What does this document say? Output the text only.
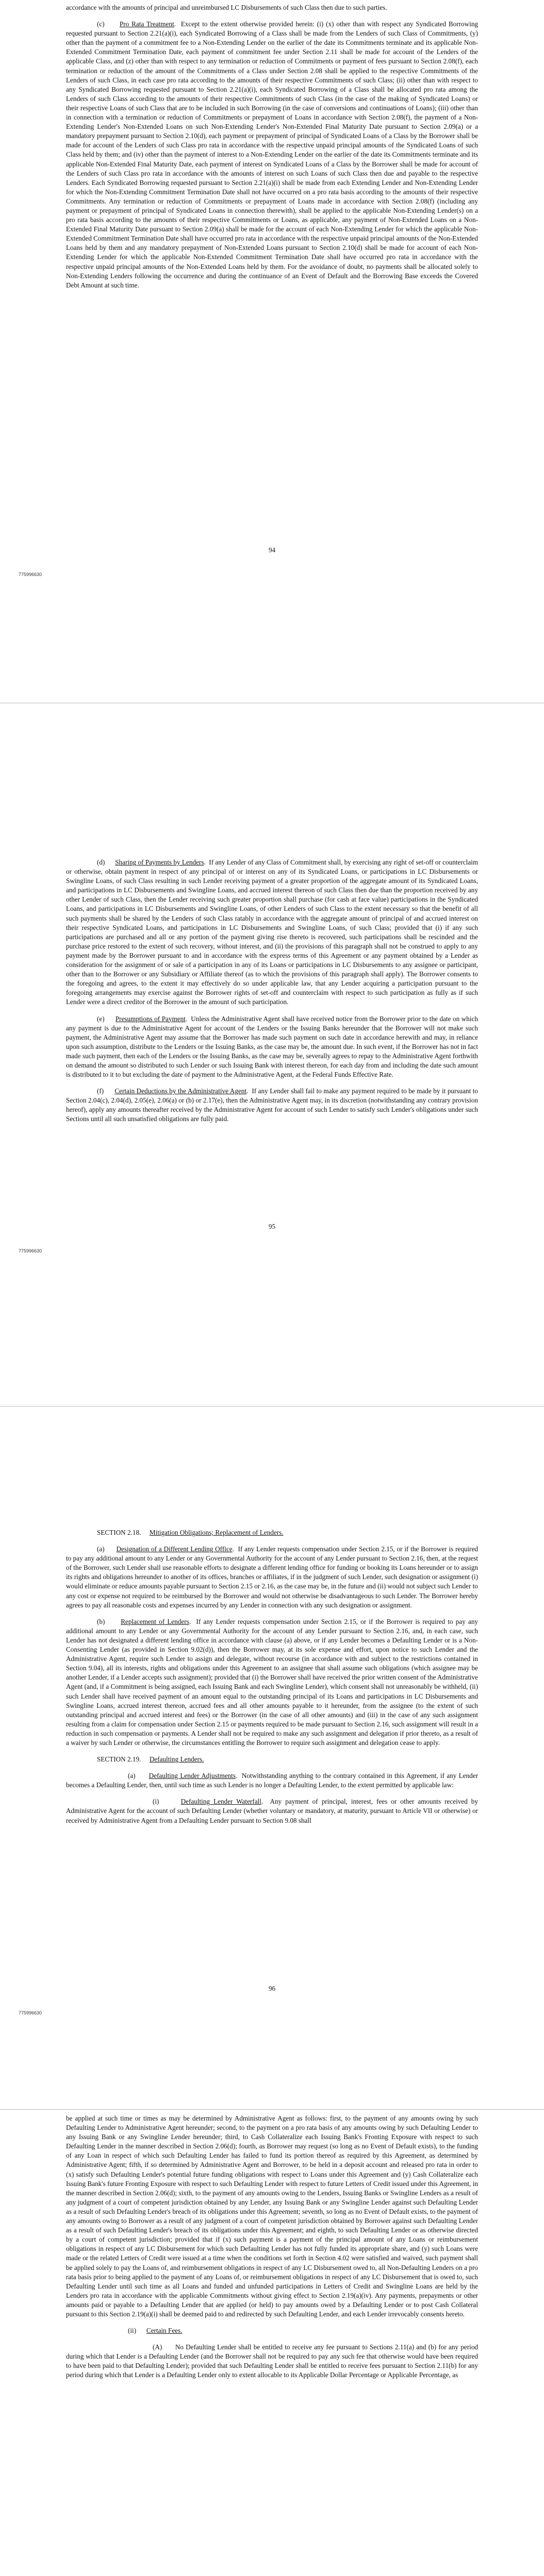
accordance with the amounts of principal and unreimbursed LC Disbursements of such Class then due to such parties.

(c) Pro Rata Treatment.  Except to the extent otherwise provided herein: (i) (x) other than with respect any Syndicated Borrowing requested pursuant to Section 2.21(a)(i), each Syndicated Borrowing of a Class shall be made from the Lenders of such Class of Commitments, (y) other than the payment of a commitment fee to a Non-Extending Lender on the earlier of the date its Commitments terminate and its applicable Non-Extended Commitment Termination Date, each payment of commitment fee under Section 2.11 shall be made for account of the Lenders of the applicable Class, and (z) other than with respect to any termination or reduction of Commitments or payment of fees pursuant to Section 2.08(f), each termination or reduction of the amount of the Commitments of a Class under Section 2.08 shall be applied to the respective Commitments of the Lenders of such Class, in each case pro rata according to the amounts of their respective Commitments of such Class; (ii) other than with respect to any Syndicated Borrowing requested pursuant to Section 2.21(a)(i), each Syndicated Borrowing of a Class shall be allocated pro rata among the Lenders of such Class according to the amounts of their respective Commitments of such Class (in the case of the making of Syndicated Loans) or their respective Loans of such Class that are to be included in such Borrowing (in the case of conversions and continuations of Loans); (iii) other than in connection with a termination or reduction of Commitments or prepayment of Loans in accordance with Section 2.08(f), the payment of a Non-Extending Lender's Non-Extended Loans on such Non-Extending Lender's Non-Extended Final Maturity Date pursuant to Section 2.09(a) or a mandatory prepayment pursuant to Section 2.10(d), each payment or prepayment of principal of Syndicated Loans of a Class by the Borrower shall be made for account of the Lenders of such Class pro rata in accordance with the respective unpaid principal amounts of the Syndicated Loans of such Class held by them; and (iv) other than the payment of interest to a Non-Extending Lender on the earlier of the date its Commitments terminate and its applicable Non-Extended Final Maturity Date, each payment of interest on Syndicated Loans of a Class by the Borrower shall be made for account of the Lenders of such Class pro rata in accordance with the amounts of interest on such Loans of such Class then due and payable to the respective Lenders. Each Syndicated Borrowing requested pursuant to Section 2.21(a)(i) shall be made from each Extending Lender and Non-Extending Lender for which the Non-Extending Commitment Termination Date shall not have occurred on a pro rata basis according to the amounts of their respective Commitments. Any termination or reduction of Commitments or prepayment of Loans made in accordance with Section 2.08(f) (including any payment or prepayment of principal of Syndicated Loans in connection therewith), shall be applied to the applicable Non-Extending Lender(s) on a pro rata basis according to the amounts of their respective Commitments or Loans, as applicable, any payment of Non-Extended Loans on a Non-Extended Final Maturity Date pursuant to Section 2.09(a) shall be made for the account of each Non-Extending Lender for which the applicable Non-Extended Commitment Termination Date shall have occurred pro rata in accordance with the respective unpaid principal amounts of the Non-Extended Loans held by them and any mandatory prepayment of Non-Extended Loans pursuant to Section 2.10(d) shall be made for account of each Non-Extending Lender for which the applicable Non-Extended Commitment Termination Date shall have occurred pro rata in accordance with the respective unpaid principal amounts of the Non-Extended Loans held by them. For the avoidance of doubt, no payments shall be allocated solely to Non-Extending Lenders following the occurrence and during the continuance of an Event of Default and the Borrowing Base exceeds the Covered Debt Amount at such time.

94
775996630

(d) Sharing of Payments by Lenders.  If any Lender of any Class of Commitment shall, by exercising any right of set-off or counterclaim or otherwise, obtain payment in respect of any principal of or interest on any of its Syndicated Loans, or participations in LC Disbursements or Swingline Loans, of such Class resulting in such Lender receiving payment of a greater proportion of the aggregate amount of its Syndicated Loans, and participations in LC Disbursements and Swingline Loans, and accrued interest thereon of such Class then due than the proportion received by any other Lender of such Class, then the Lender receiving such greater proportion shall purchase (for cash at face value) participations in the Syndicated Loans, and participations in LC Disbursements and Swingline Loans, of other Lenders of such Class to the extent necessary so that the benefit of all such payments shall be shared by the Lenders of such Class ratably in accordance with the aggregate amount of principal of and accrued interest on their respective Syndicated Loans, and participations in LC Disbursements and Swingline Loans, of such Class; provided that (i) if any such participations are purchased and all or any portion of the payment giving rise thereto is recovered, such participations shall be rescinded and the purchase price restored to the extent of such recovery, without interest, and (ii) the provisions of this paragraph shall not be construed to apply to any payment made by the Borrower pursuant to and in accordance with the express terms of this Agreement or any payment obtained by a Lender as consideration for the assignment of or sale of a participation in any of its Loans or participations in LC Disbursements to any assignee or participant, other than to the Borrower or any Subsidiary or Affiliate thereof (as to which the provisions of this paragraph shall apply). The Borrower consents to the foregoing and agrees, to the extent it may effectively do so under applicable law, that any Lender acquiring a participation pursuant to the foregoing arrangements may exercise against the Borrower rights of set-off and counterclaim with respect to such participation as fully as if such Lender were a direct creditor of the Borrower in the amount of such participation.

(e) Presumptions of Payment.  Unless the Administrative Agent shall have received notice from the Borrower prior to the date on which any payment is due to the Administrative Agent for account of the Lenders or the Issuing Banks hereunder that the Borrower will not make such payment, the Administrative Agent may assume that the Borrower has made such payment on such date in accordance herewith and may, in reliance upon such assumption, distribute to the Lenders or the Issuing Banks, as the case may be, the amount due. In such event, if the Borrower has not in fact made such payment, then each of the Lenders or the Issuing Banks, as the case may be, severally agrees to repay to the Administrative Agent forthwith on demand the amount so distributed to such Lender or such Issuing Bank with interest thereon, for each day from and including the date such amount is distributed to it to but excluding the date of payment to the Administrative Agent, at the Federal Funds Effective Rate.

(f) Certain Deductions by the Administrative Agent.  If any Lender shall fail to make any payment required to be made by it pursuant to Section 2.04(c), 2.04(d), 2.05(e), 2.06(a) or (b) or 2.17(e), then the Administrative Agent may, in its discretion (notwithstanding any contrary provision hereof), apply any amounts thereafter received by the Administrative Agent for account of such Lender to satisfy such Lender's obligations under such Sections until all such unsatisfied obligations are fully paid.

95
775996630

SECTION 2.18. Mitigation Obligations; Replacement of Lenders.

(a) Designation of a Different Lending Office.  If any Lender requests compensation under Section 2.15, or if the Borrower is required to pay any additional amount to any Lender or any Governmental Authority for the account of any Lender pursuant to Section 2.16, then, at the request of the Borrower, such Lender shall use reasonable efforts to designate a different lending office for funding or booking its Loans hereunder or to assign its rights and obligations hereunder to another of its offices, branches or affiliates, if in the judgment of such Lender, such designation or assignment (i) would eliminate or reduce amounts payable pursuant to Section 2.15 or 2.16, as the case may be, in the future and (ii) would not subject such Lender to any cost or expense not required to be reimbursed by the Borrower and would not otherwise be disadvantageous to such Lender. The Borrower hereby agrees to pay all reasonable costs and expenses incurred by any Lender in connection with any such designation or assignment.

(b) Replacement of Lenders.  If any Lender requests compensation under Section 2.15, or if the Borrower is required to pay any additional amount to any Lender or any Governmental Authority for the account of any Lender pursuant to Section 2.16, and, in each case, such Lender has not designated a different lending office in accordance with clause (a) above, or if any Lender becomes a Defaulting Lender or is a Non-Consenting Lender (as provided in Section 9.02(d)), then the Borrower may, at its sole expense and effort, upon notice to such Lender and the Administrative Agent, require such Lender to assign and delegate, without recourse (in accordance with and subject to the restrictions contained in Section 9.04), all its interests, rights and obligations under this Agreement to an assignee that shall assume such obligations (which assignee may be another Lender, if a Lender accepts such assignment); provided that (i) the Borrower shall have received the prior written consent of the Administrative Agent (and, if a Commitment is being assigned, each Issuing Bank and each Swingline Lender), which consent shall not unreasonably be withheld, (ii) such Lender shall have received payment of an amount equal to the outstanding principal of its Loans and participations in LC Disbursements and Swingline Loans, accrued interest thereon, accrued fees and all other amounts payable to it hereunder, from the assignee (to the extent of such outstanding principal and accrued interest and fees) or the Borrower (in the case of all other amounts) and (iii) in the case of any such assignment resulting from a claim for compensation under Section 2.15 or payments required to be made pursuant to Section 2.16, such assignment will result in a reduction in such compensation or payments. A Lender shall not be required to make any such assignment and delegation if prior thereto, as a result of a waiver by such Lender or otherwise, the circumstances entitling the Borrower to require such assignment and delegation cease to apply.

SECTION 2.19. Defaulting Lenders.

(a) Defaulting Lender Adjustments.  Notwithstanding anything to the contrary contained in this Agreement, if any Lender becomes a Defaulting Lender, then, until such time as such Lender is no longer a Defaulting Lender, to the extent permitted by applicable law:

(i)	Defaulting Lender Waterfall.  Any payment of principal, interest, fees or other amounts received by Administrative Agent for the account of such Defaulting Lender (whether voluntary or mandatory, at maturity, pursuant to Article VII or otherwise) or received by Administrative Agent from a Defaulting Lender pursuant to Section 9.08 shall

96
775996630

be applied at such time or times as may be determined by Administrative Agent as follows: first, to the payment of any amounts owing by such Defaulting Lender to Administrative Agent hereunder; second, to the payment on a pro rata basis of any amounts owing by such Defaulting Lender to any Issuing Bank or any Swingline Lender hereunder; third, to Cash Collateralize each Issuing Bank's Fronting Exposure with respect to such Defaulting Lender in the manner described in Section 2.06(d); fourth, as Borrower may request (so long as no Event of Default exists), to the funding of any Loan in respect of which such Defaulting Lender has failed to fund its portion thereof as required by this Agreement, as determined by Administrative Agent; fifth, if so determined by Administrative Agent and Borrower, to be held in a deposit account and released pro rata in order to (x) satisfy such Defaulting Lender's potential future funding obligations with respect to Loans under this Agreement and (y) Cash Collateralize each Issuing Bank's future Fronting Exposure with respect to such Defaulting Lender with respect to future Letters of Credit issued under this Agreement, in the manner described in Section 2.06(d); sixth, to the payment of any amounts owing to the Lenders, Issuing Banks or Swingline Lenders as a result of any judgment of a court of competent jurisdiction obtained by any Lender, any Issuing Bank or any Swingline Lender against such Defaulting Lender as a result of such Defaulting Lender's breach of its obligations under this Agreement; seventh, so long as no Event of Default exists, to the payment of any amounts owing to Borrower as a result of any judgment of a court of competent jurisdiction obtained by Borrower against such Defaulting Lender as a result of such Defaulting Lender's breach of its obligations under this Agreement; and eighth, to such Defaulting Lender or as otherwise directed by a court of competent jurisdiction; provided that if (x) such payment is a payment of the principal amount of any Loans or reimbursement obligations in respect of any LC Disbursement for which such Defaulting Lender has not fully funded its appropriate share, and (y) such Loans were made or the related Letters of Credit were issued at a time when the conditions set forth in Section 4.02 were satisfied and waived, such payment shall be applied solely to pay the Loans of, and reimbursement obligations in respect of any LC Disbursement owed to, all Non-Defaulting Lenders on a pro rata basis prior to being applied to the payment of any Loans of, or reimbursement obligations in respect of any LC Disbursement that is owed to, such Defaulting Lender until such time as all Loans and funded and unfunded participations in Letters of Credit and Swingline Loans are held by the Lenders pro rata in accordance with the applicable Commitments without giving effect to Section 2.19(a)(iv). Any payments, prepayments or other amounts paid or payable to a Defaulting Lender that are applied (or held) to pay amounts owed by a Defaulting Lender or to post Cash Collateral pursuant to this Section 2.19(a)(i) shall be deemed paid to and redirected by such Defaulting Lender, and each Lender irrevocably consents hereto.

(ii) Certain Fees.

(A) No Defaulting Lender shall be entitled to receive any fee pursuant to Sections 2.11(a) and (b) for any period during which that Lender is a Defaulting Lender (and the Borrower shall not be required to pay any such fee that otherwise would have been required to have been paid to that Defaulting Lender); provided that such Defaulting Lender shall be entitled to receive fees pursuant to Section 2.11(b) for any period during which that Lender is a Defaulting Lender only to extent allocable to its Applicable Dollar Percentage or Applicable Percentage, as
